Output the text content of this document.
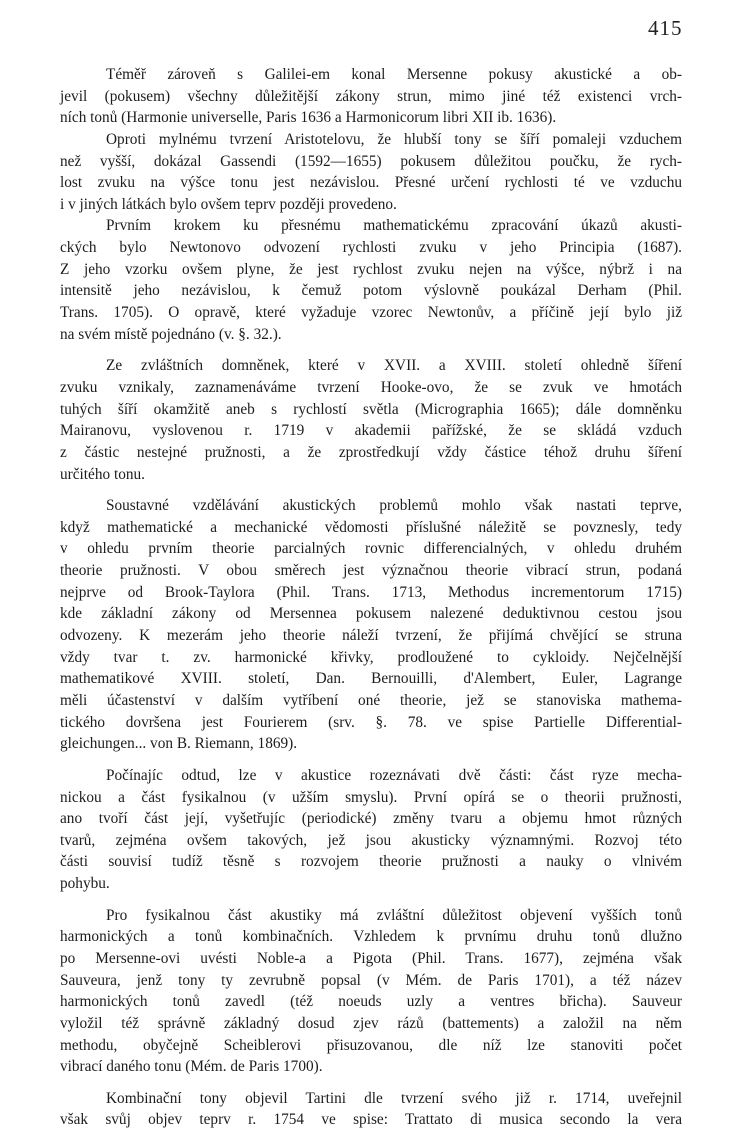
415
Téměř zároveň s Galilei-em konal Mersenne pokusy akustické a ob-
jevil (pokusem) všechny důležitější zákony strun, mimo jiné též existenci vrch-
ních tonů (Harmonie universelle, Paris 1636 a Harmonicorum libri XII ib. 1636).
Oproti mylnému tvrzení Aristotelovu, že hlubší tony se šíří pomaleji vzduchem
než vyšší, dokázal Gassendi (1592—1655) pokusem důležitou poučku, že rych-
lost zvuku na výšce tonu jest nezávislou. Přesné určení rychlosti té ve vzduchu
i v jiných látkách bylo ovšem teprv později provedeno.
Prvním krokem ku přesnému mathematickému zpracování úkazů akusti-
ckých bylo Newtonovo odvození rychlosti zvuku v jeho Principia (1687).
Z jeho vzorku ovšem plyne, že jest rychlost zvuku nejen na výšce, nýbrž i na
intensitě jeho nezávislou, k čemuž potom výslovně poukázal Derham (Phil.
Trans. 1705). O opravě, které vyžaduje vzorec Newtonův, a příčině její bylo již
na svém místě pojednáno (v. §. 32.).
Ze zvláštních domněnek, které v XVII. a XVIII. století ohledně šíření
zvuku vznikaly, zaznamenáváme tvrzení Hooke-ovo, že se zvuk ve hmotách
tuhých šíří okamžitě aneb s rychlostí světla (Micrographia 1665); dále domněnku
Mairanovu, vyslovenou r. 1719 v akademii pařížské, že se skládá vzduch
z částic nestejné pružnosti, a že zprostředkují vždy částice téhož druhu šíření
určitého tonu.
Soustavné vzdělávání akustických problemů mohlo však nastati teprve,
když mathematické a mechanické vědomosti příslušné náležitě se povznesly, tedy
v ohledu prvním theorie parcialných rovnic differencialných, v ohledu druhém
theorie pružnosti. V obou směrech jest význačnou theorie vibrací strun, podaná
nejprve od Brook-Taylora (Phil. Trans. 1713, Methodus incrementorum 1715)
kde základní zákony od Mersennea pokusem nalezené deduktivnou cestou jsou
odvozeny. K mezerám jeho theorie náleží tvrzení, že přijímá chvějící se struna
vždy tvar t. zv. harmonické křivky, prodloužené to cykloidy. Nejčelnější
mathematikové XVIII. století, Dan. Bernouilli, d'Alembert, Euler, Lagrange
měli účastenství v dalším vytříbení oné theorie, jež se stanoviska mathema-
tického dovršena jest Fourierem (srv. §. 78. ve spise Partielle Differential-
gleichungen... von B. Riemann, 1869).
Počínajíc odtud, lze v akustice rozeznávati dvě části: část ryze mecha-
nickou a část fysikalnou (v užším smyslu). První opírá se o theorii pružnosti,
ano tvoří část její, vyšetřujíc (periodické) změny tvaru a objemu hmot různých
tvarů, zejména ovšem takových, jež jsou akusticky významnými. Rozvoj této
části souvisí tudíž těsně s rozvojem theorie pružnosti a nauky o vlnivém
pohybu.
Pro fysikalnou část akustiky má zvláštní důležitost objevení vyšších tonů
harmonických a tonů kombinačních. Vzhledem k prvnímu druhu tonů dlužno
po Mersenne-ovi uvésti Noble-a a Pigota (Phil. Trans. 1677), zejména však
Sauveura, jenž tony ty zevrubně popsal (v Mém. de Paris 1701), a též název
harmonických tonů zavedl (též noeuds uzly a ventres břicha). Sauveur
vyložil též správně základný dosud zjev rázů (battements) a založil na něm
methodu, obyčejně Scheiblerovi přisuzovanou, dle níž lze stanoviti počet
vibrací daného tonu (Mém. de Paris 1700).
Kombinační tony objevil Tartini dle tvrzení svého již r. 1714, uveřejnil
však svůj objev teprv r. 1754 ve spise: Trattato di musica secondo la vera
